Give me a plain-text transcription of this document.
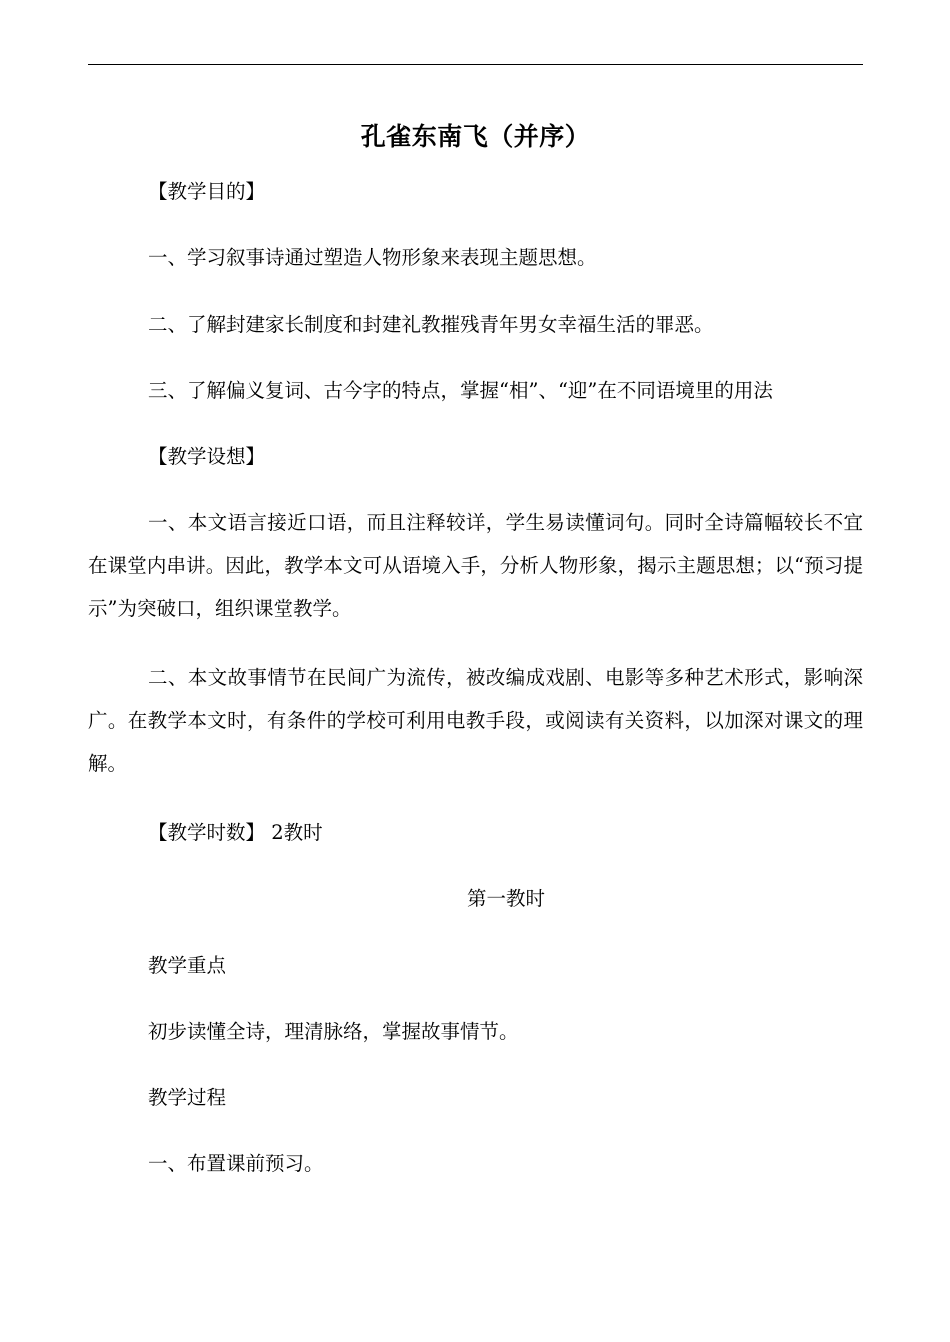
孔雀东南飞（并序）
【教学目的】
一、学习叙事诗通过塑造人物形象来表现主题思想。
二、了解封建家长制度和封建礼教摧残青年男女幸福生活的罪恶。
三、了解偏义复词、古今字的特点，掌握“相”、“迎”在不同语境里的用法
【教学设想】
一、本文语言接近口语，而且注释较详，学生易读懂词句。同时全诗篇幅较长不宜在课堂内串讲。因此，教学本文可从语境入手，分析人物形象，揭示主题思想；以“预习提示”为突破口，组织课堂教学。
二、本文故事情节在民间广为流传，被改编成戏剧、电影等多种艺术形式，影响深广。在教学本文时，有条件的学校可利用电教手段，或阅读有关资料，以加深对课文的理解。
【教学时数】 2教时
第一教时
教学重点
初步读懂全诗，理清脉络，掌握故事情节。
教学过程
一、布置课前预习。
